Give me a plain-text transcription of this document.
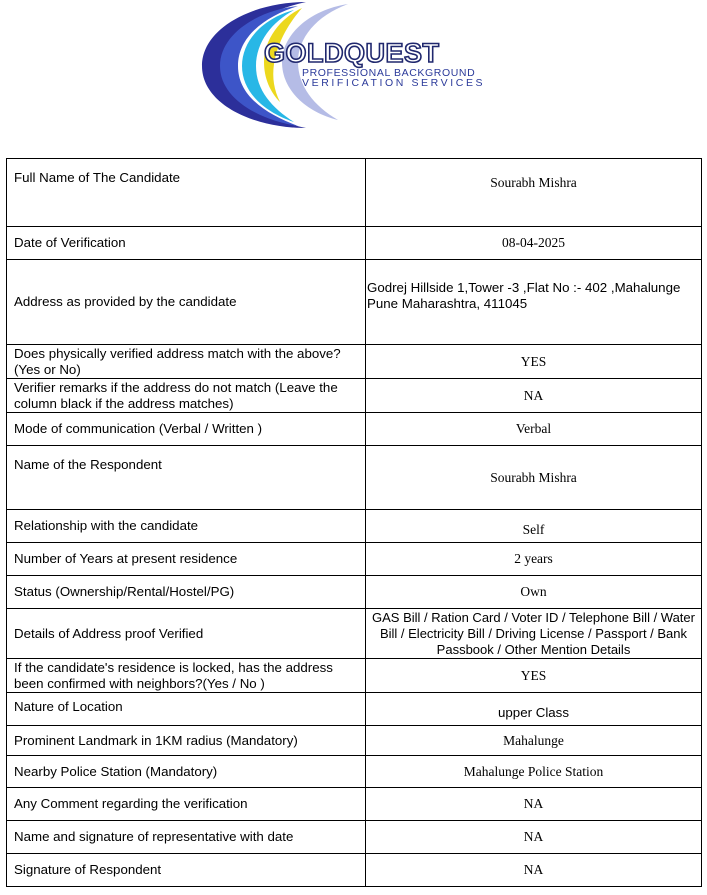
GOLDQUEST
PROFESSIONAL BACKGROUND
VERIFICATION SERVICES
Full Name of The Candidate	Sourabh Mishra
Date of Verification	08-04-2025
Address as provided by the candidate	Godrej Hillside 1,Tower -3 ,Flat No :- 402 ,Mahalunge Pune Maharashtra, 411045
Does physically verified address match with the above? (Yes or No)	YES
Verifier remarks if the address do not match (Leave the column black if the address matches)	NA
Mode of communication (Verbal / Written )	Verbal
Name of the Respondent	Sourabh Mishra
Relationship with the candidate	Self
Number of Years at present residence	2 years
Status (Ownership/Rental/Hostel/PG)	Own
Details of Address proof Verified	GAS Bill / Ration Card / Voter ID / Telephone Bill / Water Bill / Electricity Bill / Driving License / Passport / Bank Passbook / Other Mention Details
If the candidate's residence is locked, has the address been confirmed with neighbors?(Yes / No )	YES
Nature of Location	upper Class
Prominent Landmark in 1KM radius (Mandatory)	Mahalunge
Nearby Police Station (Mandatory)	Mahalunge Police Station
Any Comment regarding the verification	NA
Name and signature of representative with date	NA
Signature of Respondent	NA
